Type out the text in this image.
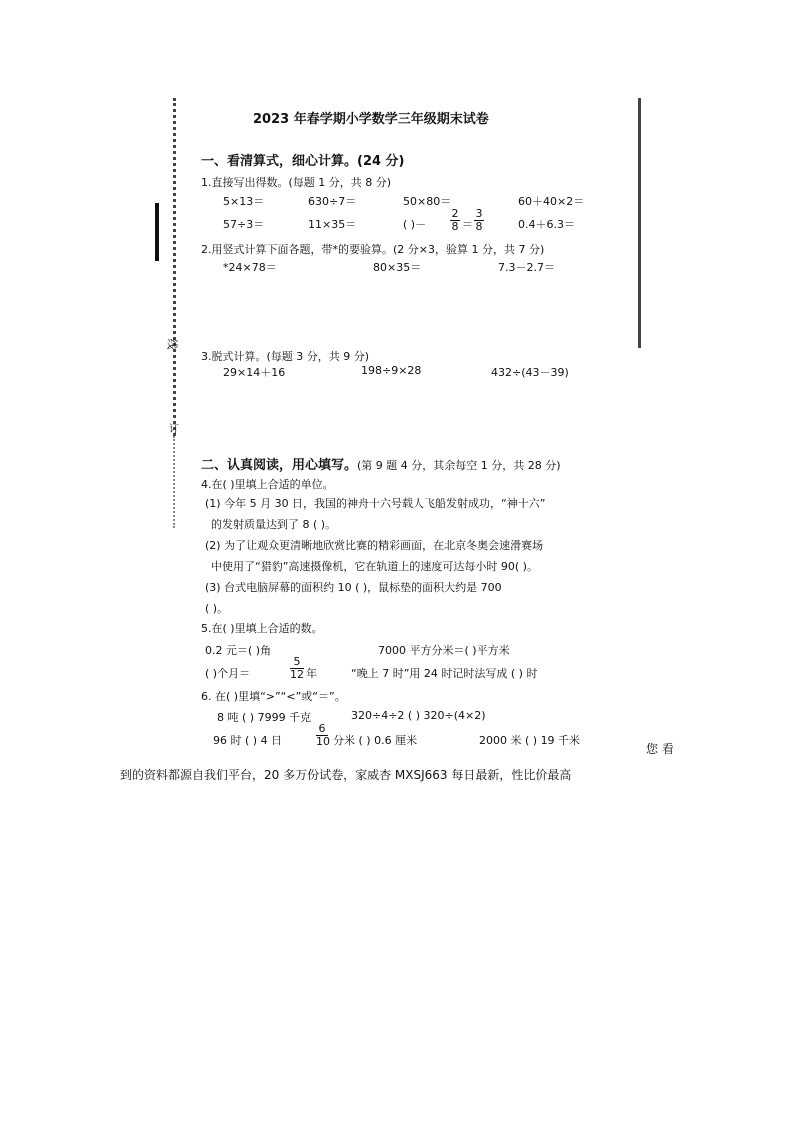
线
订
2023 年春学期小学数学三年级期末试卷
一、看清算式，细心计算。(24 分)
1.直接写出得数。(每题 1 分，共 8 分)
5×13＝	630÷7＝	50×80＝	60＋40×2＝
57÷3＝	11×35＝	( )－ $\frac{2}{8} = \frac{3}{8}$	0.4＋6.3＝
2.用竖式计算下面各题，带*的要验算。(2 分×3，验算 1 分，共 7 分)
*24×78＝	80×35＝	7.3－2.7＝
3.脱式计算。(每题 3 分，共 9 分)
29×14＋16	198÷9×28	432÷(43－39)
二、认真阅读，用心填写。(第 9 题 4 分，其余每空 1 分，共 28 分)
4.在( )里填上合适的单位。
(1) 今年 5 月 30 日，我国的神舟十六号载人飞船发射成功，“神十六”
的发射质量达到了 8 ( )。
(2) 为了让观众更清晰地欣赏比赛的精彩画面，在北京冬奥会速滑赛场
中使用了“猎豹”高速摄像机，它在轨道上的速度可达每小时 90( )。
(3) 台式电脑屏幕的面积约 10 ( )，鼠标垫的面积大约是 700
( )。
5.在( )里填上合适的数。
0.2 元＝( )角	7000 平方分米＝( )平方米
( )个月＝	$\frac{5}{12}$ 年	“晚上 7 时”用 24 时记时法写成 ( ) 时
6. 在( )里填“>”“<”或“＝”。
8 吨 ( ) 7999 千克	320÷4÷2 ( ) 320÷(4×2)
96 时 ( ) 4 日	$\frac{6}{10}$ 分米 ( ) 0.6 厘米	2000 米 ( ) 19 千米
您 看
到的资料都源自我们平台，20 多万份试卷，家威杏 MXSJ663 每日最新，性比价最高
